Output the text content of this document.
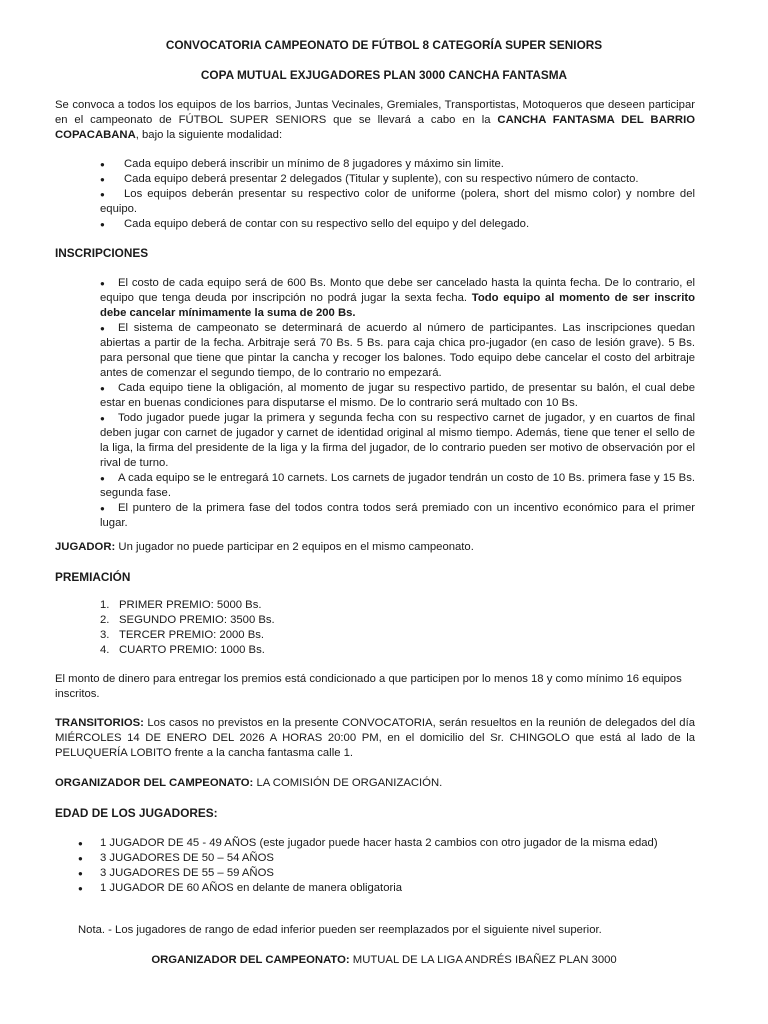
CONVOCATORIA CAMPEONATO DE FÚTBOL 8 CATEGORÍA SUPER SENIORS
COPA MUTUAL EXJUGADORES PLAN 3000 CANCHA FANTASMA
Se convoca a todos los equipos de los barrios, Juntas Vecinales, Gremiales, Transportistas, Motoqueros que deseen participar en el campeonato de FÚTBOL SUPER SENIORS que se llevará a cabo en la CANCHA FANTASMA DEL BARRIO COPACABANA, bajo la siguiente modalidad:
●	Cada equipo deberá inscribir un mínimo de 8 jugadores y máximo sin limite.
●	Cada equipo deberá presentar 2 delegados (Titular y suplente), con su respectivo número de contacto.
●	Los equipos deberán presentar su respectivo color de uniforme (polera, short del mismo color) y nombre del equipo.
●	Cada equipo deberá de contar con su respectivo sello del equipo y del delegado.
INSCRIPCIONES
● El costo de cada equipo será de 600 Bs. Monto que debe ser cancelado hasta la quinta fecha. De lo contrario, el equipo que tenga deuda por inscripción no podrá jugar la sexta fecha. Todo equipo al momento de ser inscrito debe cancelar mínimamente la suma de 200 Bs.
● El sistema de campeonato se determinará de acuerdo al número de participantes. Las inscripciones quedan abiertas a partir de la fecha. Arbitraje será 70 Bs. 5 Bs. para caja chica pro-jugador (en caso de lesión grave). 5 Bs. para personal que tiene que pintar la cancha y recoger los balones. Todo equipo debe cancelar el costo del arbitraje antes de comenzar el segundo tiempo, de lo contrario no empezará.
● Cada equipo tiene la obligación, al momento de jugar su respectivo partido, de presentar su balón, el cual debe estar en buenas condiciones para disputarse el mismo. De lo contrario será multado con 10 Bs.
● Todo jugador puede jugar la primera y segunda fecha con su respectivo carnet de jugador, y en cuartos de final deben jugar con carnet de jugador y carnet de identidad original al mismo tiempo. Además, tiene que tener el sello de la liga, la firma del presidente de la liga y la firma del jugador, de lo contrario pueden ser motivo de observación por el rival de turno.
● A cada equipo se le entregará 10 carnets. Los carnets de jugador tendrán un costo de 10 Bs. primera fase y 15 Bs. segunda fase.
● El puntero de la primera fase del todos contra todos será premiado con un incentivo económico para el primer lugar.
JUGADOR: Un jugador no puede participar en 2 equipos en el mismo campeonato.
PREMIACIÓN
1. PRIMER PREMIO: 5000 Bs.
2. SEGUNDO PREMIO: 3500 Bs.
3. TERCER PREMIO: 2000 Bs.
4. CUARTO PREMIO: 1000 Bs.
El monto de dinero para entregar los premios está condicionado a que participen por lo menos 18 y como mínimo 16 equipos inscritos.
TRANSITORIOS: Los casos no previstos en la presente CONVOCATORIA, serán resueltos en la reunión de delegados del día MIÉRCOLES 14 DE ENERO DEL 2026 A HORAS 20:00 PM, en el domicilio del Sr. CHINGOLO que está al lado de la PELUQUERÍA LOBITO frente a la cancha fantasma calle 1.
ORGANIZADOR DEL CAMPEONATO: LA COMISIÓN DE ORGANIZACIÓN.
EDAD DE LOS JUGADORES:
●	1 JUGADOR DE 45 - 49 AÑOS (este jugador puede hacer hasta 2 cambios con otro jugador de la misma edad)
●	3 JUGADORES DE 50 – 54 AÑOS
●	3 JUGADORES DE 55 – 59 AÑOS
●	1 JUGADOR DE 60 AÑOS en delante de manera obligatoria
Nota. - Los jugadores de rango de edad inferior pueden ser reemplazados por el siguiente nivel superior.
ORGANIZADOR DEL CAMPEONATO: MUTUAL DE LA LIGA ANDRÉS IBAÑEZ PLAN 3000
